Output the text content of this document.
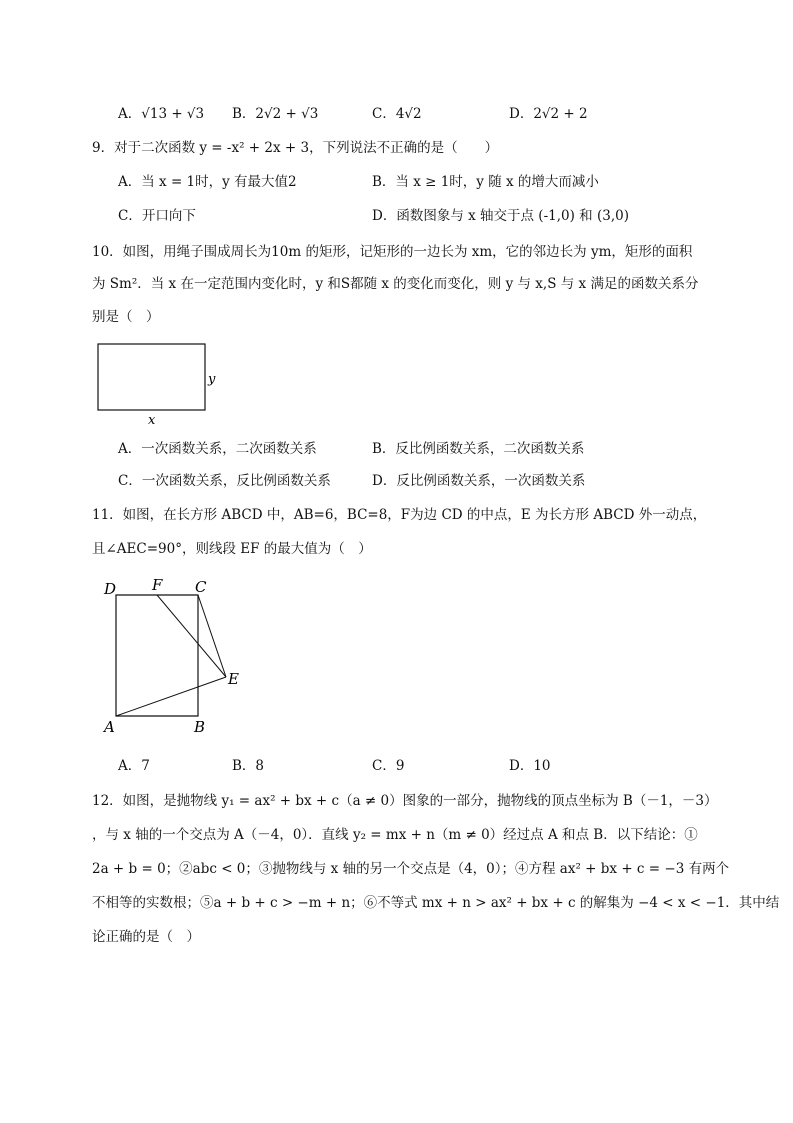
A．√13 + √3 B．2√2 + √3	C．4√2	D．2√2 + 2
9．对于二次函数 y = -x² + 2x + 3，下列说法不正确的是（　　）
A．当 x = 1时，y 有最大值2	B．当 x ≥ 1时，y 随 x 的增大而减小
C．开口向下	D．函数图象与 x 轴交于点 (-1,0) 和 (3,0)
10．如图，用绳子围成周长为10m 的矩形，记矩形的一边长为 xm，它的邻边长为 ym，矩形的面积
为 Sm²．当 x 在一定范围内变化时，y 和S都随 x 的变化而变化，则 y 与 x,S 与 x 满足的函数关系分
别是（　）
y
x
A．一次函数关系，二次函数关系	B．反比例函数关系，二次函数关系
C．一次函数关系，反比例函数关系	D．反比例函数关系，一次函数关系
11．如图，在长方形 ABCD 中，AB=6，BC=8，F为边 CD 的中点，E 为长方形 ABCD 外一动点，
且∠AEC=90°，则线段 EF 的最大值为（　）
D F C
E
A	B
A．7	B．8	C．9	D．10
12．如图，是抛物线 y₁ = ax² + bx + c（a ≠ 0）图象的一部分，抛物线的顶点坐标为 B（－1，－3）
，与 x 轴的一个交点为 A（－4，0）．直线 y₂ = mx + n（m ≠ 0）经过点 A 和点 B．以下结论：①
2a + b = 0；②abc < 0；③抛物线与 x 轴的另一个交点是（4，0）；④方程 ax² + bx + c = −3 有两个
不相等的实数根；⑤a + b + c > −m + n；⑥不等式 mx + n > ax² + bx + c 的解集为 −4 < x < −1．其中结
论正确的是（　）
